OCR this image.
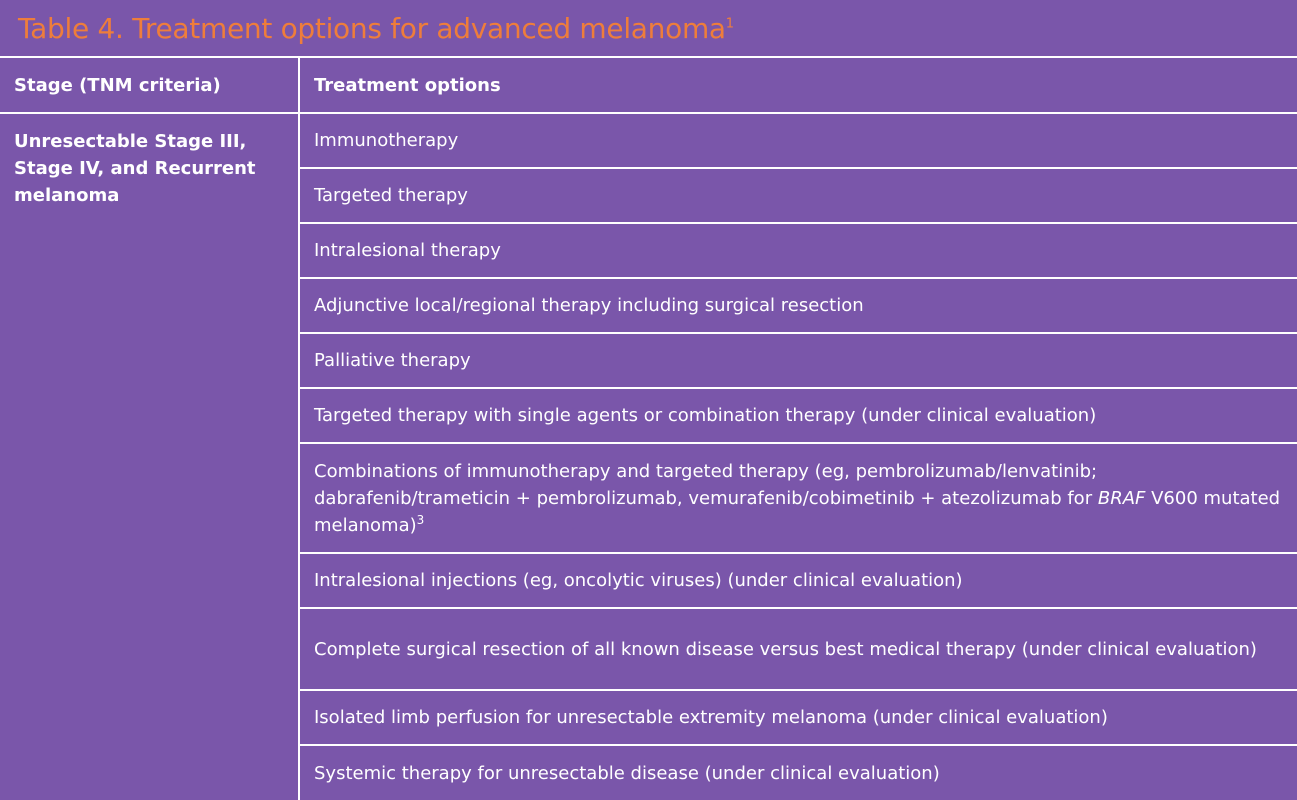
Table 4. Treatment options for advanced melanoma$^1$
Stage (TNM criteria)	Treatment options
Unresectable Stage III, Stage IV, and Recurrent melanoma	Immunotherapy
	Targeted therapy
	Intralesional therapy
	Adjunctive local/regional therapy including surgical resection
	Palliative therapy
	Targeted therapy with single agents or combination therapy (under clinical evaluation)
	Combinations of immunotherapy and targeted therapy (eg, pembrolizumab/lenvatinib; dabrafenib/trameticin + pembrolizumab, vemurafenib/cobimetinib + atezolizumab for BRAF V600 mutated melanoma)$^3$
	Intralesional injections (eg, oncolytic viruses) (under clinical evaluation)
	Complete surgical resection of all known disease versus best medical therapy (under clinical evaluation)
	Isolated limb perfusion for unresectable extremity melanoma (under clinical evaluation)
	Systemic therapy for unresectable disease (under clinical evaluation)
